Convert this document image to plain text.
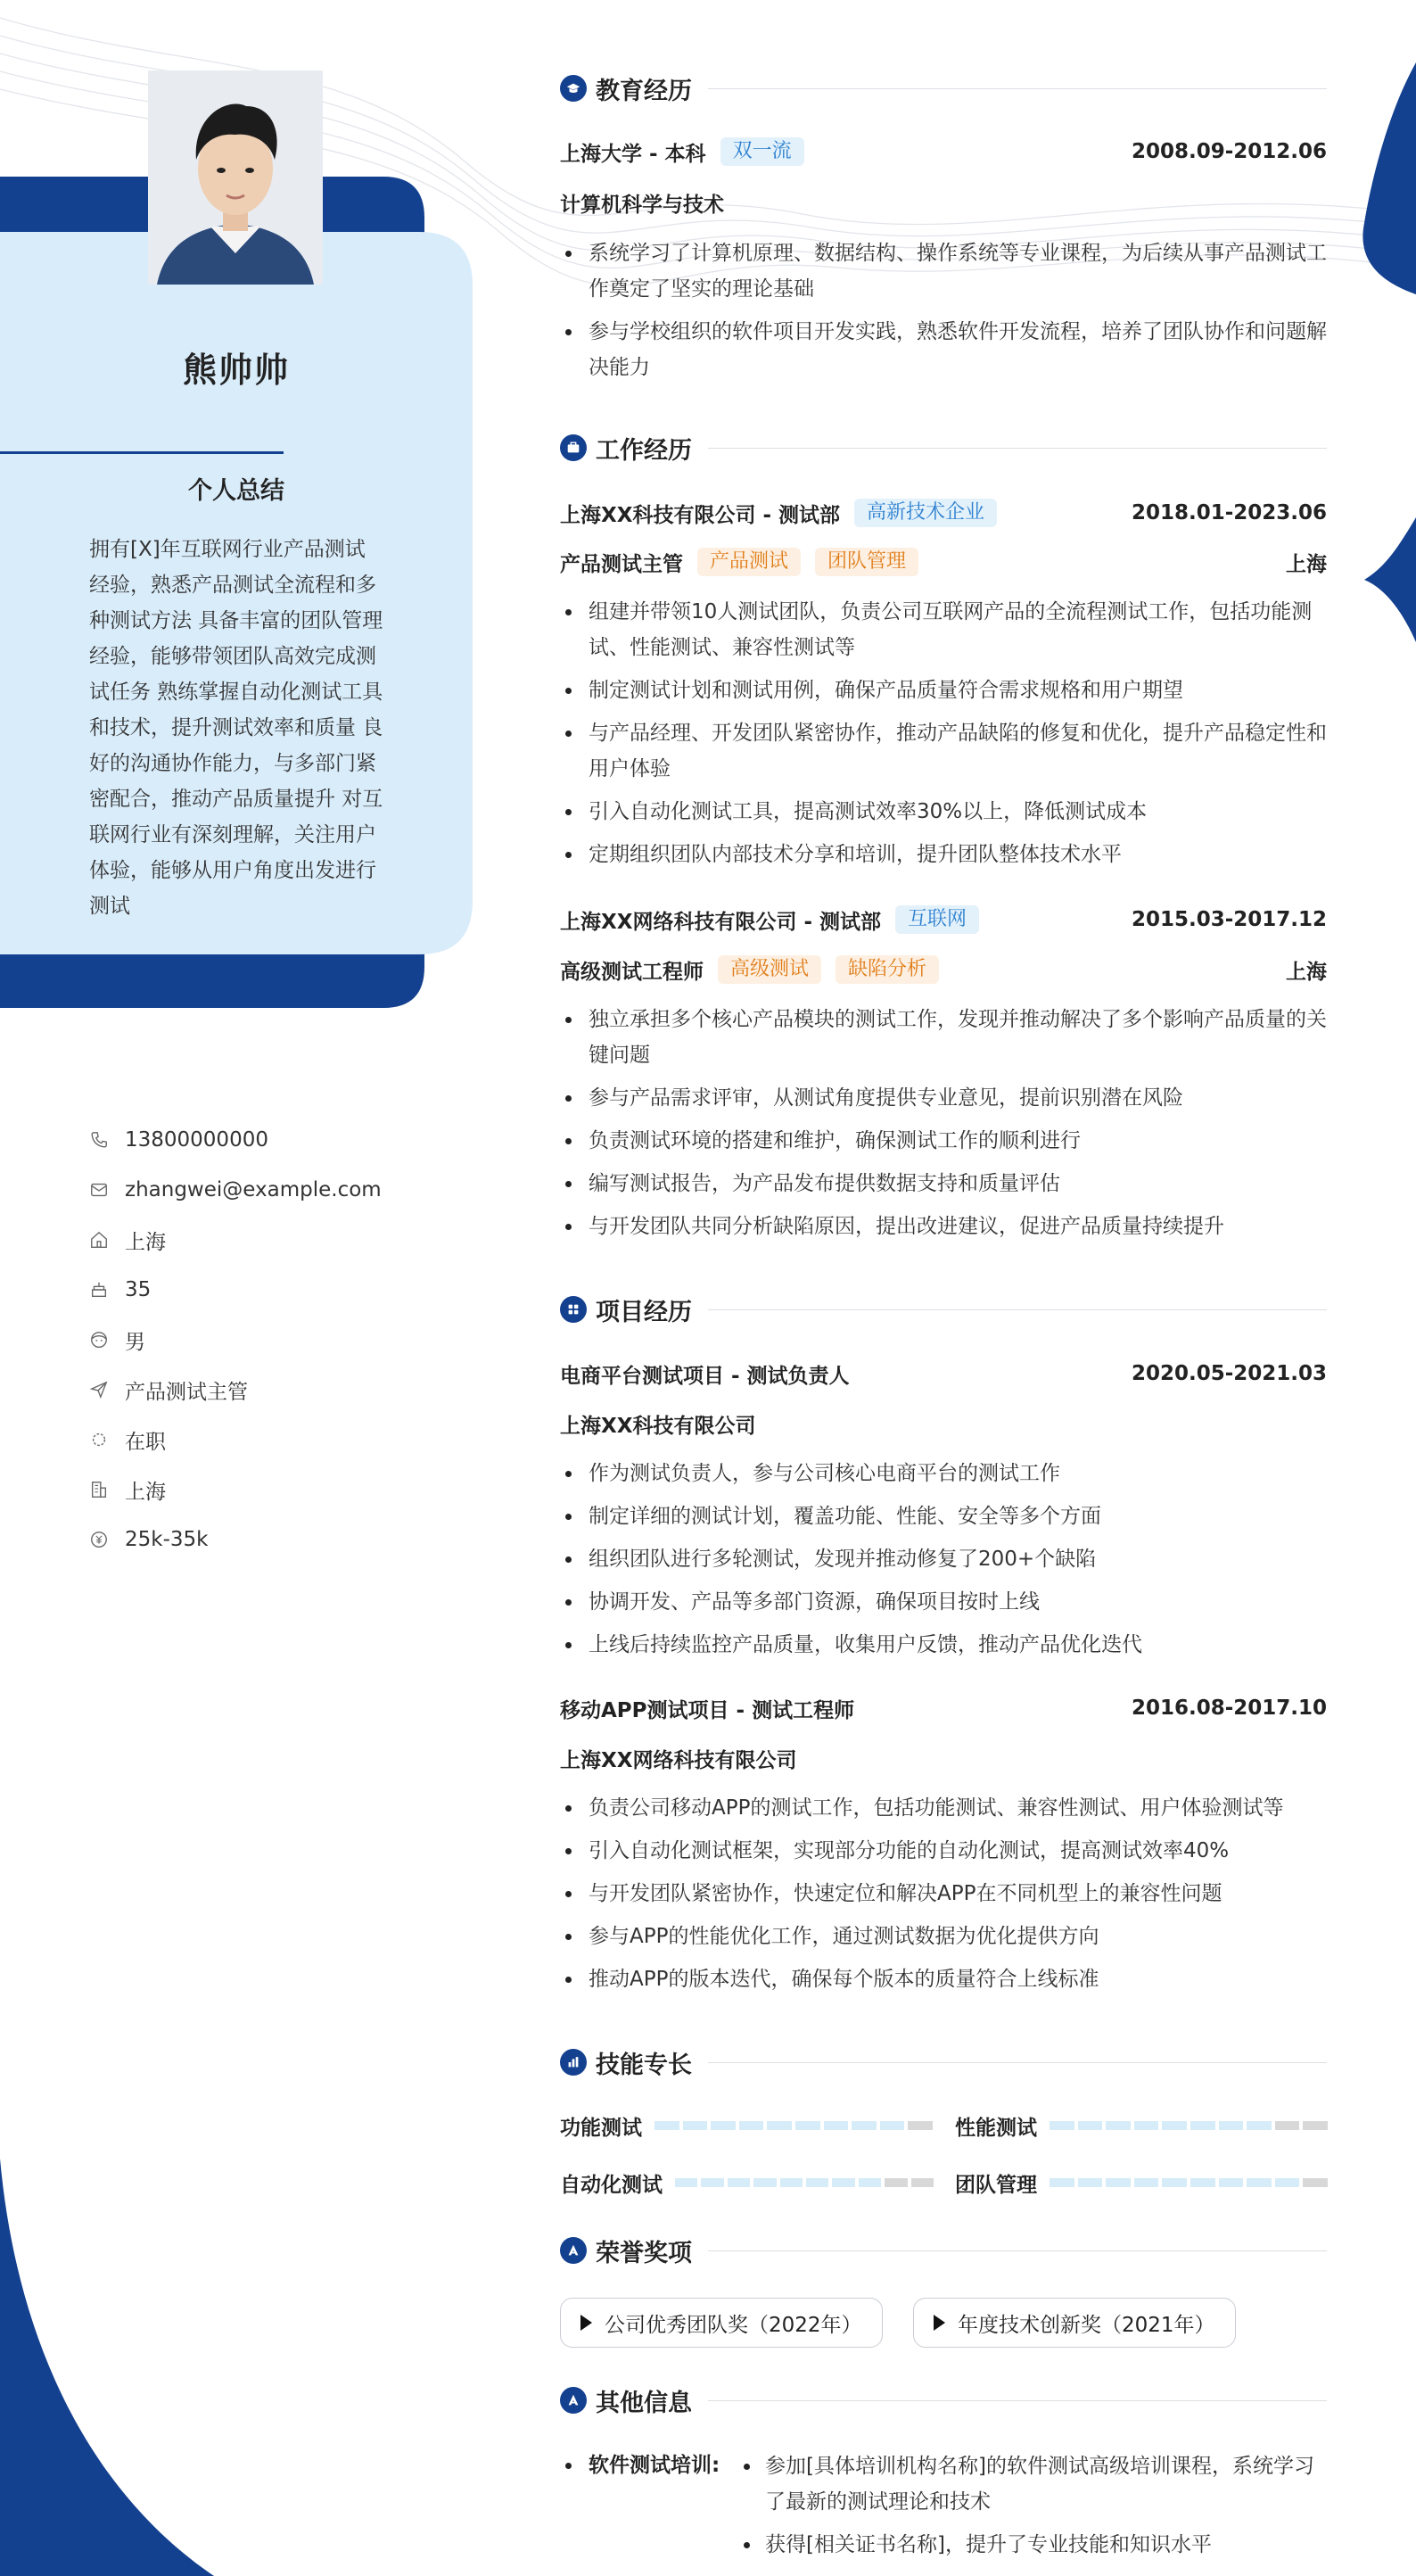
熊帅帅
个人总结
拥有[X]年互联网行业产品测试经验，熟悉产品测试全流程和多种测试方法 具备丰富的团队管理经验，能够带领团队高效完成测试任务 熟练掌握自动化测试工具和技术，提升测试效率和质量 良好的沟通协作能力，与多部门紧密配合，推动产品质量提升 对互联网行业有深刻理解，关注用户体验，能够从用户角度出发进行测试
13800000000
zhangwei@example.com
上海
35
男
产品测试主管
在职
上海
25k-35k
教育经历
上海大学 - 本科	双一流	2008.09-2012.06
计算机科学与技术
系统学习了计算机原理、数据结构、操作系统等专业课程，为后续从事产品测试工作奠定了坚实的理论基础
参与学校组织的软件项目开发实践，熟悉软件开发流程，培养了团队协作和问题解决能力
工作经历
上海XX科技有限公司 - 测试部	高新技术企业	2018.01-2023.06
产品测试主管	产品测试	团队管理	上海
组建并带领10人测试团队，负责公司互联网产品的全流程测试工作，包括功能测试、性能测试、兼容性测试等
制定测试计划和测试用例，确保产品质量符合需求规格和用户期望
与产品经理、开发团队紧密协作，推动产品缺陷的修复和优化，提升产品稳定性和用户体验
引入自动化测试工具，提高测试效率30%以上，降低测试成本
定期组织团队内部技术分享和培训，提升团队整体技术水平
上海XX网络科技有限公司 - 测试部	互联网	2015.03-2017.12
高级测试工程师	高级测试	缺陷分析	上海
独立承担多个核心产品模块的测试工作，发现并推动解决了多个影响产品质量的关键问题
参与产品需求评审，从测试角度提供专业意见，提前识别潜在风险
负责测试环境的搭建和维护，确保测试工作的顺利进行
编写测试报告，为产品发布提供数据支持和质量评估
与开发团队共同分析缺陷原因，提出改进建议，促进产品质量持续提升
项目经历
电商平台测试项目 - 测试负责人	2020.05-2021.03
上海XX科技有限公司
作为测试负责人，参与公司核心电商平台的测试工作
制定详细的测试计划，覆盖功能、性能、安全等多个方面
组织团队进行多轮测试，发现并推动修复了200+个缺陷
协调开发、产品等多部门资源，确保项目按时上线
上线后持续监控产品质量，收集用户反馈，推动产品优化迭代
移动APP测试项目 - 测试工程师	2016.08-2017.10
上海XX网络科技有限公司
负责公司移动APP的测试工作，包括功能测试、兼容性测试、用户体验测试等
引入自动化测试框架，实现部分功能的自动化测试，提高测试效率40%
与开发团队紧密协作，快速定位和解决APP在不同机型上的兼容性问题
参与APP的性能优化工作，通过测试数据为优化提供方向
推动APP的版本迭代，确保每个版本的质量符合上线标准
技能专长
功能测试	性能测试
自动化测试	团队管理
荣誉奖项
公司优秀团队奖（2022年）	年度技术创新奖（2021年）
其他信息
软件测试培训:	参加[具体培训机构名称]的软件测试高级培训课程，系统学习了最新的测试理论和技术
获得[相关证书名称]，提升了专业技能和知识水平
